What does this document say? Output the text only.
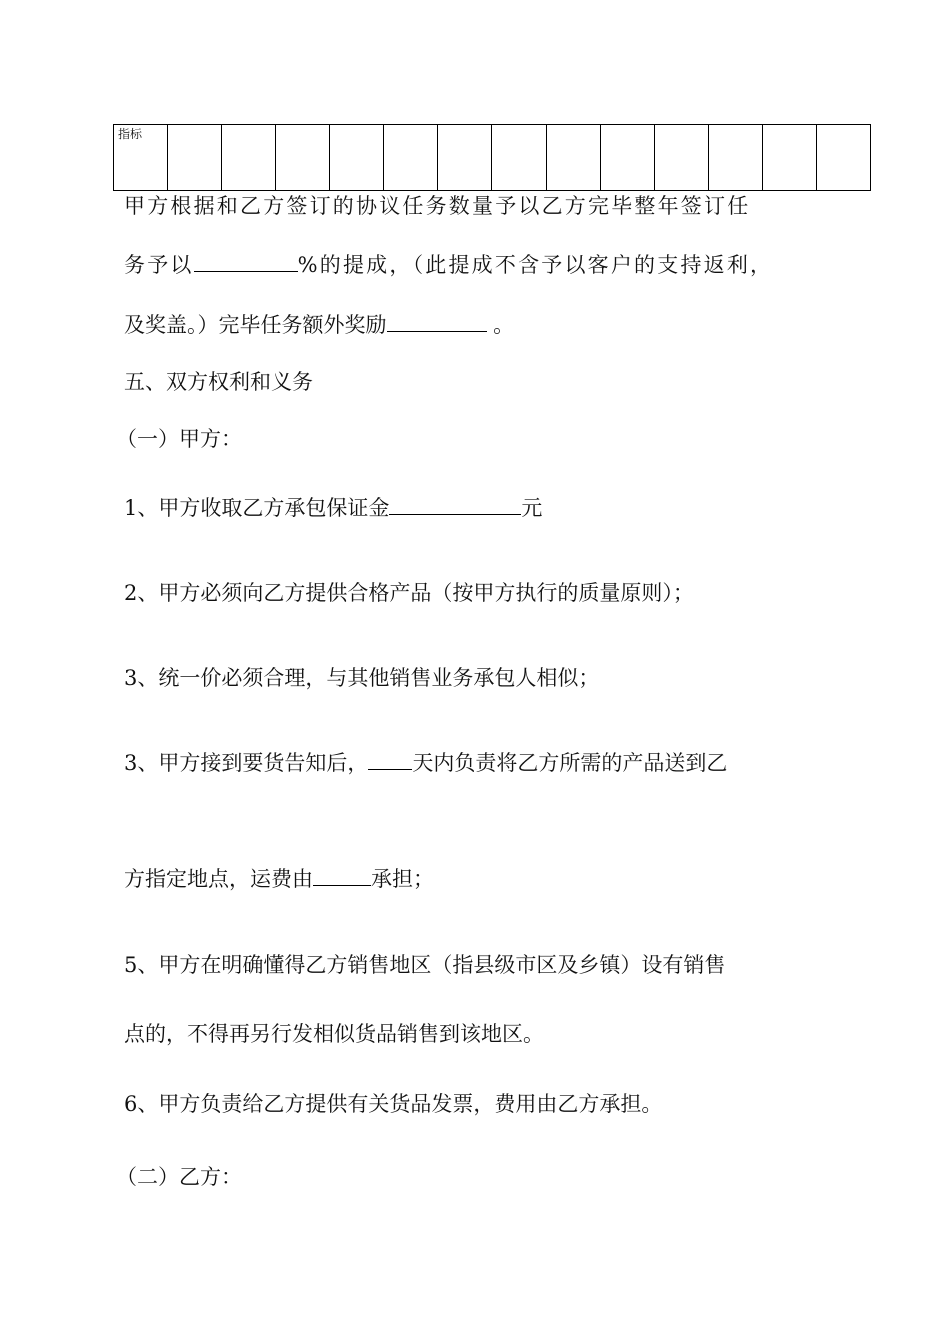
指标													
甲方根据和乙方签订的协议任务数量予以乙方完毕整年签订任
务予以	%的提成，（此提成不含予以客户的支持返利，
及奖盖。）完毕任务额外奖励	。
五、双方权利和义务
（一）甲方：
1、甲方收取乙方承包保证金	元
2、甲方必须向乙方提供合格产品（按甲方执行的质量原则）；
3、统一价必须合理，与其他销售业务承包人相似；
3、甲方接到要货告知后， 天内负责将乙方所需的产品送到乙
方指定地点，运费由	承担；
5、甲方在明确懂得乙方销售地区（指县级市区及乡镇）设有销售
点的，不得再另行发相似货品销售到该地区。
6、甲方负责给乙方提供有关货品发票，费用由乙方承担。
（二）乙方：
